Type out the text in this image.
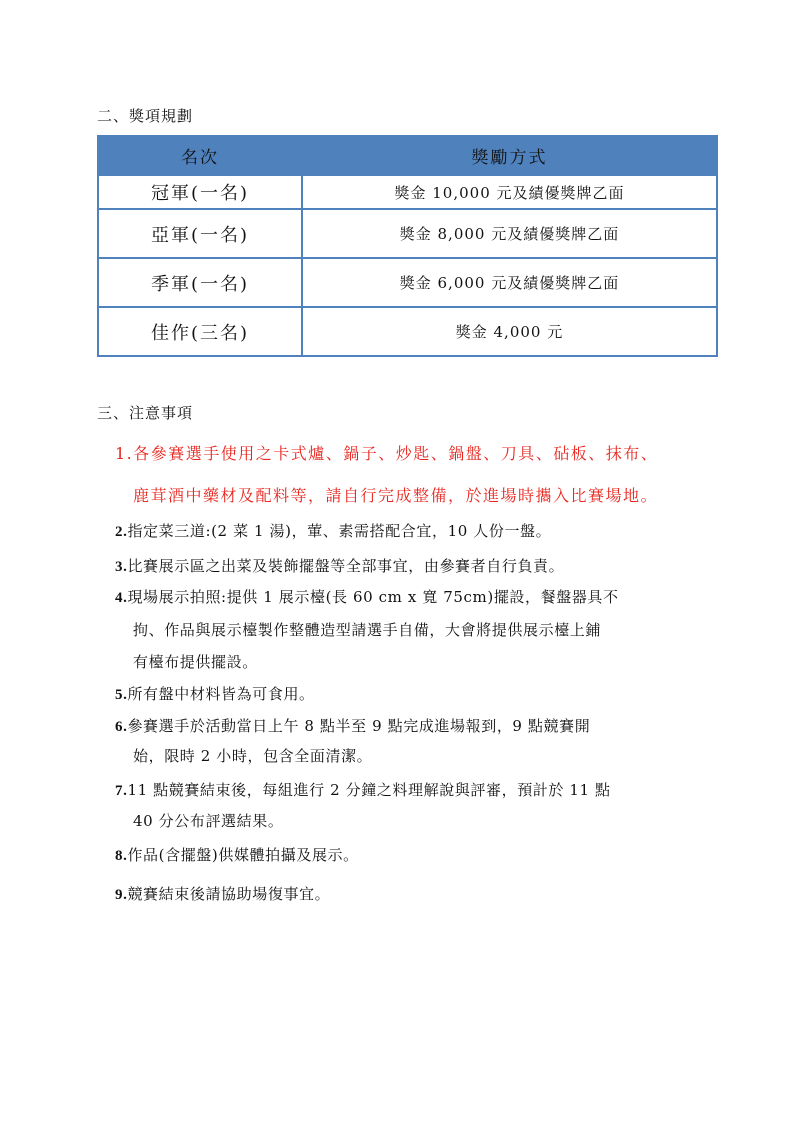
二、獎項規劃
名次	獎勵方式
冠軍(一名)	獎金 10,000 元及績優獎牌乙面
亞軍(一名)	獎金 8,000 元及績優獎牌乙面
季軍(一名)	獎金 6,000 元及績優獎牌乙面
佳作(三名)	獎金 4,000 元
三、注意事項
1.各參賽選手使用之卡式爐、鍋子、炒匙、鍋盤、刀具、砧板、抹布、
鹿茸酒中藥材及配料等，請自行完成整備，於進場時攜入比賽場地。
2.指定菜三道:(2 菜 1 湯)，葷、素需搭配合宜，10 人份一盤。
3.比賽展示區之出菜及裝飾擺盤等全部事宜，由參賽者自行負責。
4.現場展示拍照:提供 1 展示檯(長 60 cm x 寬 75cm)擺設，餐盤器具不
拘、作品與展示檯製作整體造型請選手自備，大會將提供展示檯上鋪
有檯布提供擺設。
5.所有盤中材料皆為可食用。
6.參賽選手於活動當日上午 8 點半至 9 點完成進場報到，9 點競賽開
始，限時 2 小時，包含全面清潔。
7.11 點競賽結束後，每組進行 2 分鐘之料理解說與評審，預計於 11 點
40 分公布評選結果。
8.作品(含擺盤)供媒體拍攝及展示。
9.競賽結束後請協助場復事宜。
